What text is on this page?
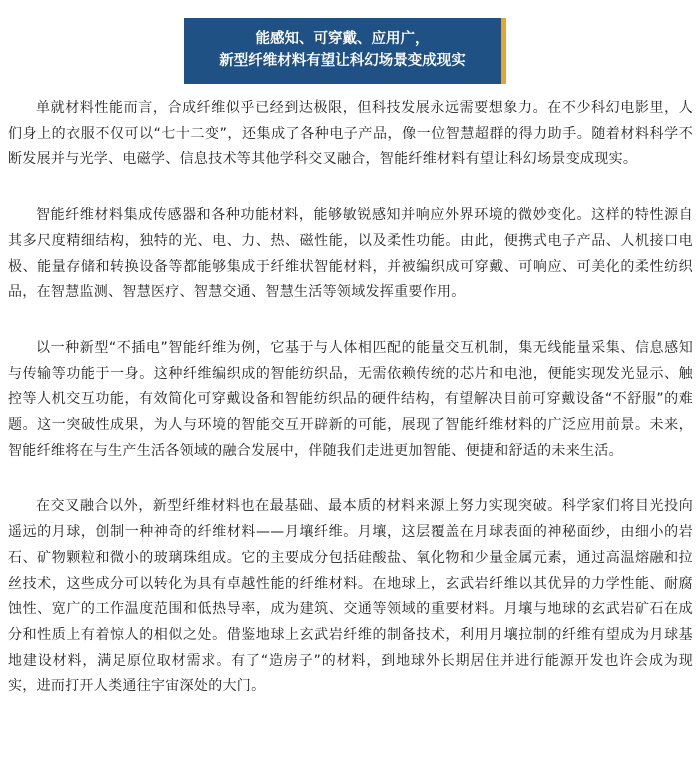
能感知、可穿戴、应用广，
新型纤维材料有望让科幻场景变成现实

单就材料性能而言，合成纤维似乎已经到达极限，但科技发展永远需要想象力。在不少科幻电影里，人们身上的衣服不仅可以“七十二变”，还集成了各种电子产品，像一位智慧超群的得力助手。随着材料科学不断发展并与光学、电磁学、信息技术等其他学科交叉融合，智能纤维材料有望让科幻场景变成现实。

智能纤维材料集成传感器和各种功能材料，能够敏锐感知并响应外界环境的微妙变化。这样的特性源自其多尺度精细结构，独特的光、电、力、热、磁性能，以及柔性功能。由此，便携式电子产品、人机接口电极、能量存储和转换设备等都能够集成于纤维状智能材料，并被编织成可穿戴、可响应、可美化的柔性纺织品，在智慧监测、智慧医疗、智慧交通、智慧生活等领域发挥重要作用。

以一种新型“不插电”智能纤维为例，它基于与人体相匹配的能量交互机制，集无线能量采集、信息感知与传输等功能于一身。这种纤维编织成的智能纺织品，无需依赖传统的芯片和电池，便能实现发光显示、触控等人机交互功能，有效简化可穿戴设备和智能纺织品的硬件结构，有望解决目前可穿戴设备“不舒服”的难题。这一突破性成果，为人与环境的智能交互开辟新的可能，展现了智能纤维材料的广泛应用前景。未来，智能纤维将在与生产生活各领域的融合发展中，伴随我们走进更加智能、便捷和舒适的未来生活。

在交叉融合以外，新型纤维材料也在最基础、最本质的材料来源上努力实现突破。科学家们将目光投向遥远的月球，创制一种神奇的纤维材料——月壤纤维。月壤，这层覆盖在月球表面的神秘面纱，由细小的岩石、矿物颗粒和微小的玻璃珠组成。它的主要成分包括硅酸盐、氧化物和少量金属元素，通过高温熔融和拉丝技术，这些成分可以转化为具有卓越性能的纤维材料。在地球上，玄武岩纤维以其优异的力学性能、耐腐蚀性、宽广的工作温度范围和低热导率，成为建筑、交通等领域的重要材料。月壤与地球的玄武岩矿石在成分和性质上有着惊人的相似之处。借鉴地球上玄武岩纤维的制备技术，利用月壤拉制的纤维有望成为月球基地建设材料，满足原位取材需求。有了“造房子”的材料，到地球外长期居住并进行能源开发也许会成为现实，进而打开人类通往宇宙深处的大门。
